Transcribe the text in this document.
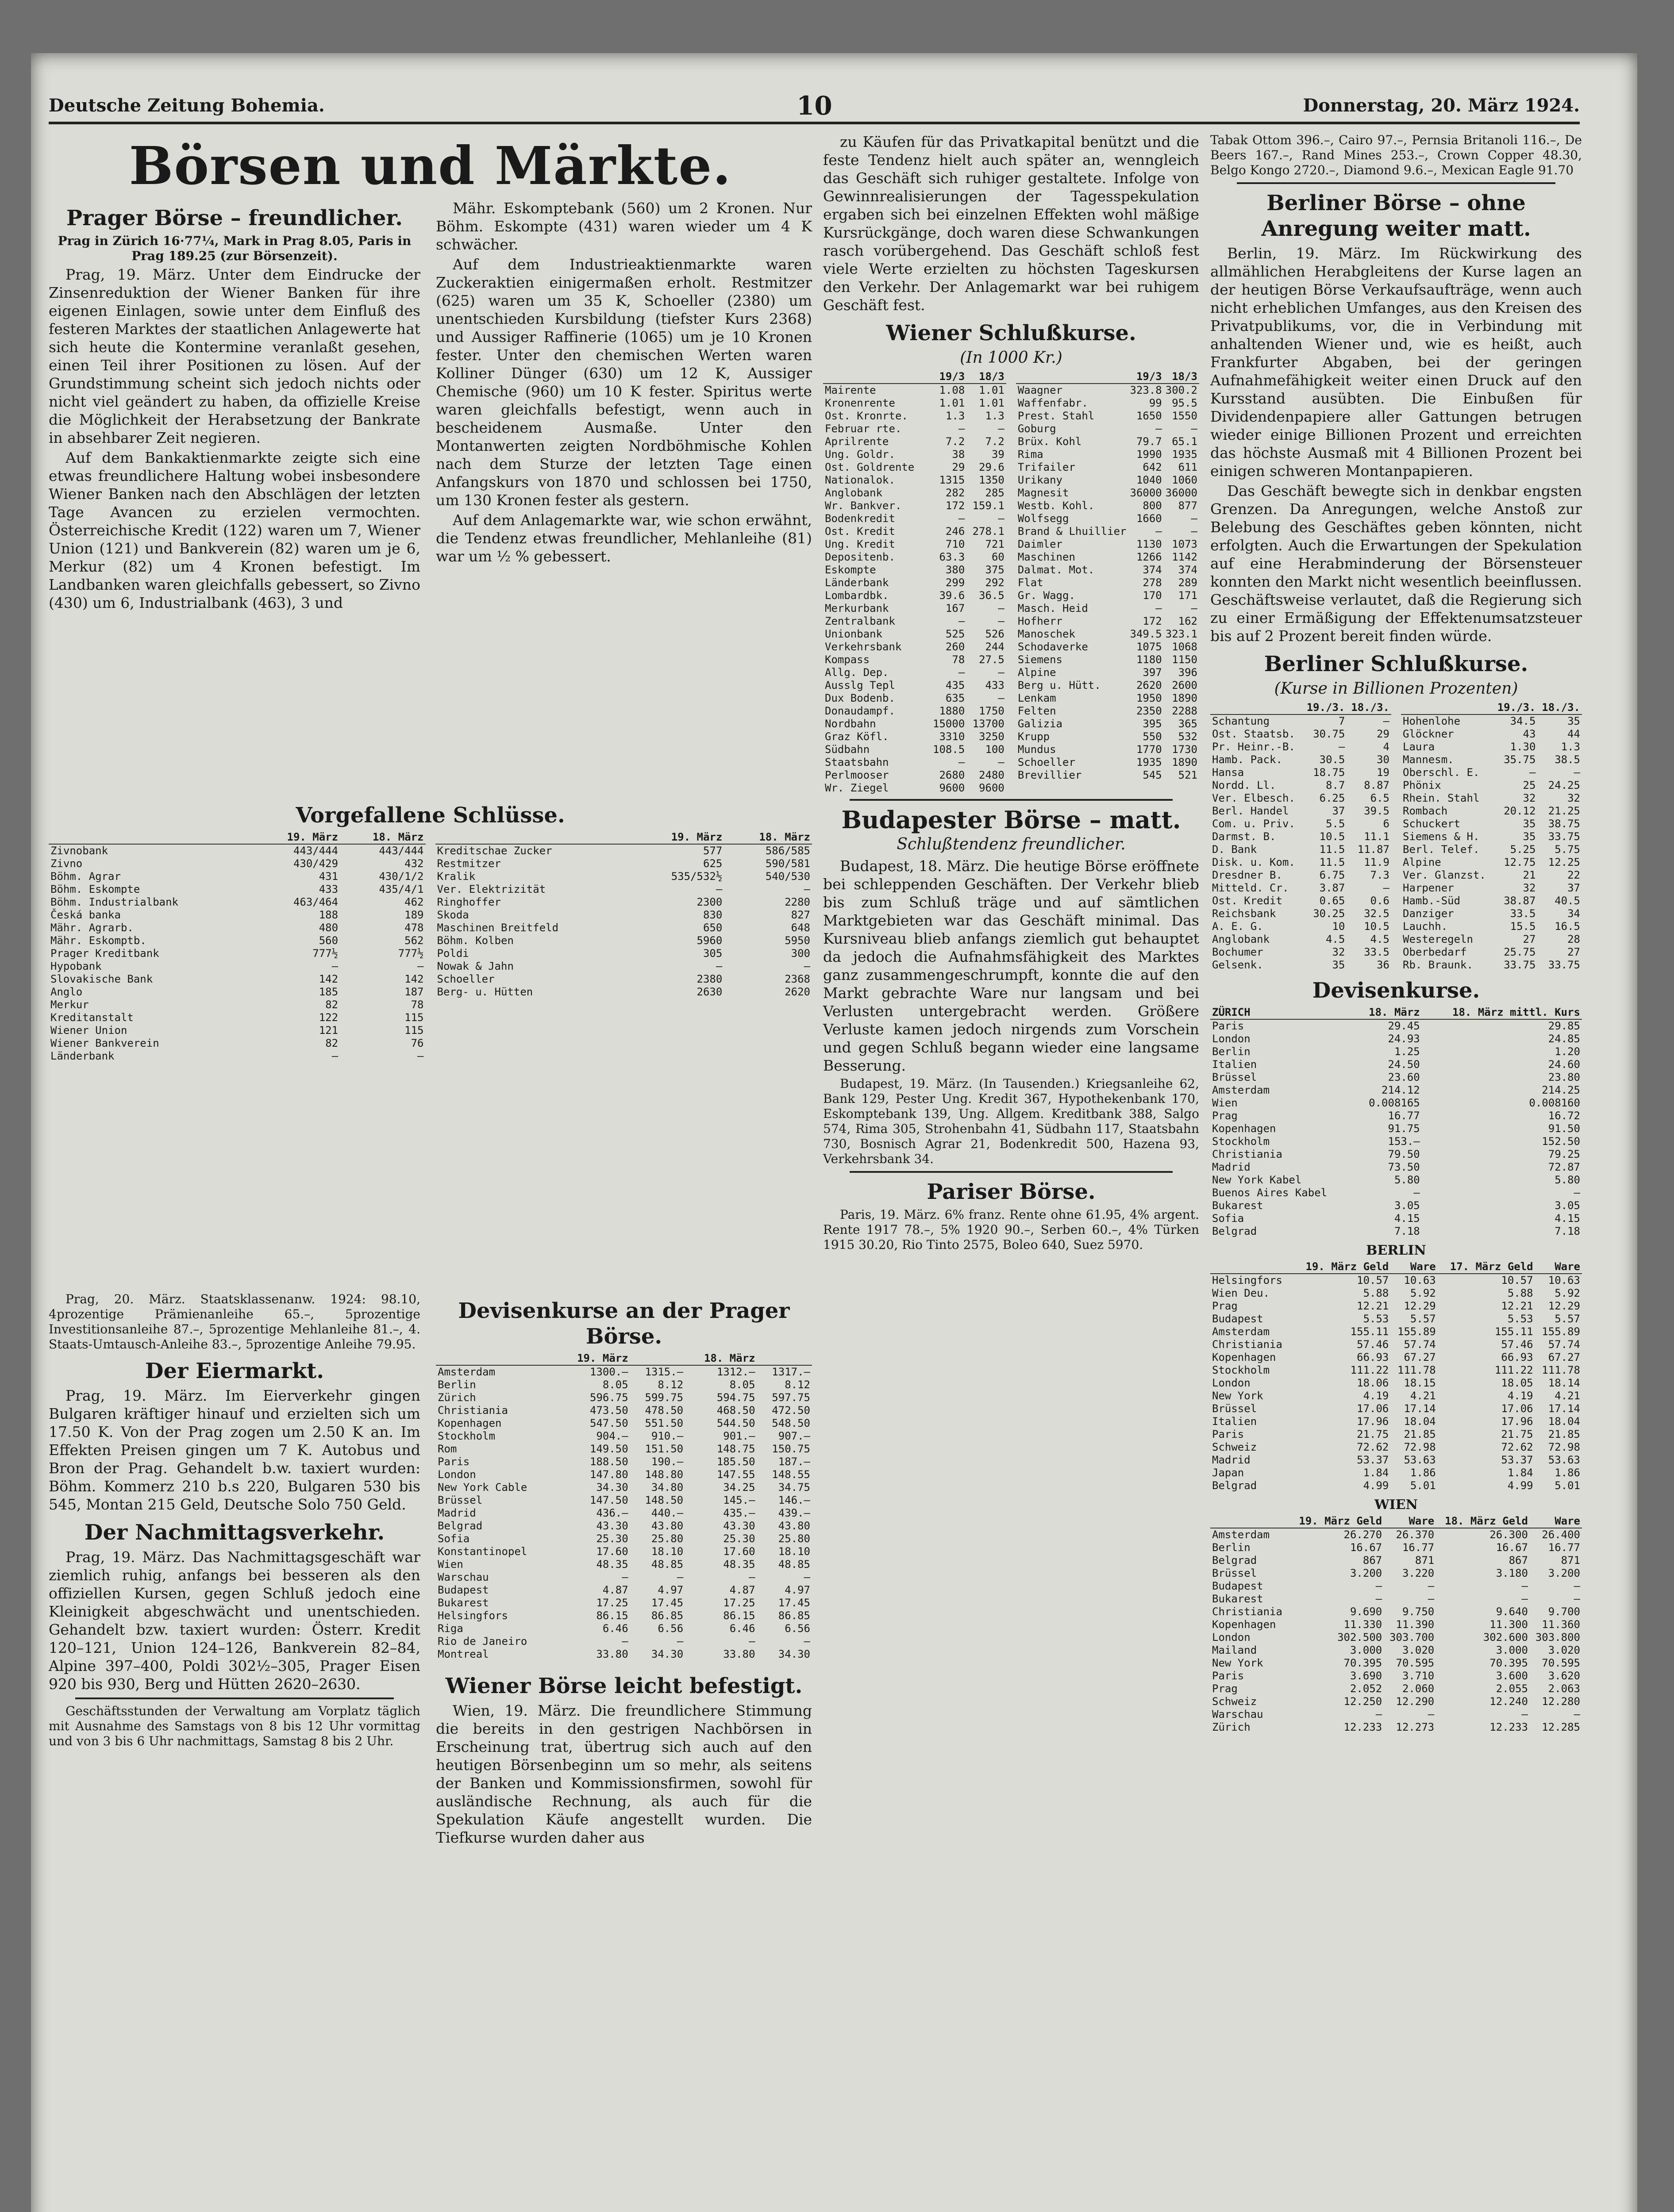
Deutsche Zeitung Bohemia.	10	Donnerstag, 20. März 1924.
Börsen und Märkte.
Prager Börse – freundlicher.

Prag in Zürich 16·77¼, Mark in Prag 8.05, Paris in Prag 189.25 (zur Börsenzeit).

Prag, 19. März. Unter dem Eindrucke der Zinsenreduktion der Wiener Banken für ihre eigenen Einlagen, sowie unter dem Einfluß des festeren Marktes der staatlichen Anlagewerte hat sich heute die Kontermine veranlaßt gesehen, einen Teil ihrer Positionen zu lösen. Auf der Grundstimmung scheint sich jedoch nichts oder nicht viel geändert zu haben, da offizielle Kreise die Möglichkeit der Herabsetzung der Bankrate in absehbarer Zeit negieren.

Auf dem Bankaktienmarkte zeigte sich eine etwas freundlichere Haltung wobei insbesondere Wiener Banken nach den Abschlägen der letzten Tage Avancen zu erzielen vermochten. Österreichische Kredit (122) waren um 7, Wiener Union (121) und Bankverein (82) waren um je 6, Merkur (82) um 4 Kronen befestigt. Im Landbanken waren gleichfalls gebessert, so Zivno (430) um 6, Industrialbank (463), 3 und

Mähr. Eskomptebank (560) um 2 Kronen. Nur Böhm. Eskompte (431) waren wieder um 4 K schwächer.

Auf dem Industrieaktienmarkte waren Zuckeraktien einigermaßen erholt. Restmitzer (625) waren um 35 K, Schoeller (2380) um unentschieden Kursbildung (tiefster Kurs 2368) und Aussiger Raffinerie (1065) um je 10 Kronen fester. Unter den chemischen Werten waren Kolliner Dünger (630) um 12 K, Aussiger Chemische (960) um 10 K fester. Spiritus werte waren gleichfalls befestigt, wenn auch in bescheidenem Ausmaße. Unter den Montanwerten zeigten Nordböhmische Kohlen nach dem Sturze der letzten Tage einen Anfangskurs von 1870 und schlossen bei 1750, um 130 Kronen fester als gestern.

Auf dem Anlagemarkte war, wie schon erwähnt, die Tendenz etwas freundlicher, Mehlanleihe (81) war um ½ % gebessert.

Vorgefallene Schlüsse.
	19. März	18. März
Zivnobank	443/444	443/444
Zivno	430/429	432
Böhm. Agrar	431	430/1/2
Böhm. Eskompte	433	435/4/1
Böhm. Industrialbank	463/464	462
Česká banka	188	189
Mähr. Agrarb.	480	478
Mähr. Eskomptb.	560	562
Prager Kreditbank	777½	777½
Hypobank	—	—
Slovakische Bank	142	142
Anglo	185	187
Merkur	82	78
Kreditanstalt	122	115
Wiener Union	121	115
Wiener Bankverein	82	76
Länderbank	—	—
	19. März	18. März
Kreditschae Zucker	577	586/585
Restmitzer	625	590/581
Kralik	535/532½	540/530
Ver. Elektrizität	—	—
Ringhoffer	2300	2280
Skoda	830	827
Maschinen Breitfeld	650	648
Böhm. Kolben	5960	5950
Poldi	305	300
Nowak & Jahn	—	—
Schoeller	2380	2368
Berg- u. Hütten	2630	2620

Prag, 20. März. Staatsklassenanw. 1924: 98.10, 4prozentige Prämienanleihe 65.–, 5prozentige Investitionsanleihe 87.–, 5prozentige Mehlanleihe 81.–, 4. Staats-Umtausch-Anleihe 83.–, 5prozentige Anleihe 79.95.

Der Eiermarkt.

Prag, 19. März. Im Eierverkehr gingen Bulgaren kräftiger hinauf und erzielten sich um 17.50 K. Von der Prag zogen um 2.50 K an. Im Effekten Preisen gingen um 7 K. Autobus und Bron der Prag. Gehandelt b.w. taxiert wurden: Böhm. Kommerz 210 b.s 220, Bulgaren 530 bis 545, Montan 215 Geld, Deutsche Solo 750 Geld.

Der Nachmittagsverkehr.

Prag, 19. März. Das Nachmittagsgeschäft war ziemlich ruhig, anfangs bei besseren als den offiziellen Kursen, gegen Schluß jedoch eine Kleinigkeit abgeschwächt und unentschieden. Gehandelt bzw. taxiert wurden: Österr. Kredit 120–121, Union 124–126, Bankverein 82–84, Alpine 397–400, Poldi 302½–305, Prager Eisen 920 bis 930, Berg und Hütten 2620–2630.

Geschäftsstunden der Verwaltung am Vorplatz täglich mit Ausnahme des Samstags von 8 bis 12 Uhr vormittag und von 3 bis 6 Uhr nachmittags, Samstag 8 bis 2 Uhr.

Devisenkurse an der Prager Börse.
	19. März		18. März	
Amsterdam	1300.–	1315.–	1312.–	1317.–
Berlin	8.05	8.12	8.05	8.12
Zürich	596.75	599.75	594.75	597.75
Christiania	473.50	478.50	468.50	472.50
Kopenhagen	547.50	551.50	544.50	548.50
Stockholm	904.–	910.–	901.–	907.–
Rom	149.50	151.50	148.75	150.75
Paris	188.50	190.–	185.50	187.–
London	147.80	148.80	147.55	148.55
New York Cable	34.30	34.80	34.25	34.75
Brüssel	147.50	148.50	145.–	146.–
Madrid	436.–	440.–	435.–	439.–
Belgrad	43.30	43.80	43.30	43.80
Sofia	25.30	25.80	25.30	25.80
Konstantinopel	17.60	18.10	17.60	18.10
Wien	48.35	48.85	48.35	48.85
Warschau	—	—	—	—
Budapest	4.87	4.97	4.87	4.97
Bukarest	17.25	17.45	17.25	17.45
Helsingfors	86.15	86.85	86.15	86.85
Riga	6.46	6.56	6.46	6.56
Rio de Janeiro	—	—	—	—
Montreal	33.80	34.30	33.80	34.30
Wiener Börse leicht befestigt.

Wien, 19. März. Die freundlichere Stimmung die bereits in den gestrigen Nachbörsen in Erscheinung trat, übertrug sich auch auf den heutigen Börsenbeginn um so mehr, als seitens der Banken und Kommissionsfirmen, sowohl für ausländische Rechnung, als auch für die Spekulation Käufe angestellt wurden. Die Tiefkurse wurden daher aus

zu Käufen für das Privatkapital benützt und die feste Tendenz hielt auch später an, wenngleich das Geschäft sich ruhiger gestaltete. Infolge von Gewinnrealisierungen der Tagesspekulation ergaben sich bei einzelnen Effekten wohl mäßige Kursrückgänge, doch waren diese Schwankungen rasch vorübergehend. Das Geschäft schloß fest viele Werte erzielten zu höchsten Tageskursen den Verkehr. Der Anlagemarkt war bei ruhigem Geschäft fest.

Wiener Schlußkurse.
(In 1000 Kr.)
	19/3	18/3
Mairente	1.08	1.01
Kronenrente	1.01	1.01
Ost. Kronrte.	1.3	1.3
Februar rte.	—	—
Aprilrente	7.2	7.2
Ung. Goldr.	38	39
Ost. Goldrente	29	29.6
Nationalok.	1315	1350
Anglobank	282	285
Wr. Bankver.	172	159.1
Bodenkredit	—	—
Ost. Kredit	246	278.1
Ung. Kredit	710	721
Depositenb.	63.3	60
Eskompte	380	375
Länderbank	299	292
Lombardbk.	39.6	36.5
Merkurbank	167	—
Zentralbank	—	—
Unionbank	525	526
Verkehrsbank	260	244
Kompass	78	27.5
Allg. Dep.	—	—
Ausslg Tepl	435	433
Dux Bodenb.	635	—
Donaudampf.	1880	1750
Nordbahn	15000	13700
Graz Köfl.	3310	3250
Südbahn	108.5	100
Staatsbahn	—	—
Perlmooser	2680	2480
Wr. Ziegel	9600	9600
	19/3	18/3
Waagner	323.8	300.2
Waffenfabr.	99	95.5
Prest. Stahl	1650	1550
Goburg	—	—
Brüx. Kohl	79.7	65.1
Rima	1990	1935
Trifailer	642	611
Urikany	1040	1060
Magnesit	36000	36000
Westb. Kohl.	800	877
Wolfsegg	1660	—
Brand & Lhuillier	—	—
Daimler	1130	1073
Maschinen	1266	1142
Dalmat. Mot.	374	374
Flat	278	289
Gr. Wagg.	170	171
Masch. Heid	—	—
Hofherr	172	162
Manoschek	349.5	323.1
Schodaverke	1075	1068
Siemens	1180	1150
Alpine	397	396
Berg u. Hütt.	2620	2600
Lenkam	1950	1890
Felten	2350	2288
Galizia	395	365
Krupp	550	532
Mundus	1770	1730
Schoeller	1935	1890
Brevillier	545	521
Budapester Börse – matt.
Schlußtendenz freundlicher.

Budapest, 18. März. Die heutige Börse eröffnete bei schleppenden Geschäften. Der Verkehr blieb bis zum Schluß träge und auf sämtlichen Marktgebieten war das Geschäft minimal. Das Kursniveau blieb anfangs ziemlich gut behauptet da jedoch die Aufnahmsfähigkeit des Marktes ganz zusammengeschrumpft, konnte die auf den Markt gebrachte Ware nur langsam und bei Verlusten untergebracht werden. Größere Verluste kamen jedoch nirgends zum Vorschein und gegen Schluß begann wieder eine langsame Besserung.

Budapest, 19. März. (In Tausenden.) Kriegsanleihe 62, Bank 129, Pester Ung. Kredit 367, Hypothekenbank 170, Eskomptebank 139, Ung. Allgem. Kreditbank 388, Salgo 574, Rima 305, Strohenbahn 41, Südbahn 117, Staatsbahn 730, Bosnisch Agrar 21, Bodenkredit 500, Hazena 93, Verkehrsbank 34.

Pariser Börse.

Paris, 19. März. 6% franz. Rente ohne 61.95, 4% argent. Rente 1917 78.–, 5% 1920 90.–, Serben 60.–, 4% Türken 1915 30.20, Rio Tinto 2575, Boleo 640, Suez 5970.

Tabak Ottom 396.–, Cairo 97.–, Pernsia Britanoli 116.–, De Beers 167.–, Rand Mines 253.–, Crown Copper 48.30, Belgo Kongo 2720.–, Diamond 9.6.–, Mexican Eagle 91.70

Berliner Börse – ohne Anregung weiter matt.

Berlin, 19. März. Im Rückwirkung des allmählichen Herabgleitens der Kurse lagen an der heutigen Börse Verkaufsaufträge, wenn auch nicht erheblichen Umfanges, aus den Kreisen des Privatpublikums, vor, die in Verbindung mit anhaltenden Wiener und, wie es heißt, auch Frankfurter Abgaben, bei der geringen Aufnahmefähigkeit weiter einen Druck auf den Kursstand ausübten. Die Einbußen für Dividendenpapiere aller Gattungen betrugen wieder einige Billionen Prozent und erreichten das höchste Ausmaß mit 4 Billionen Prozent bei einigen schweren Montanpapieren.

Das Geschäft bewegte sich in denkbar engsten Grenzen. Da Anregungen, welche Anstoß zur Belebung des Geschäftes geben könnten, nicht erfolgten. Auch die Erwartungen der Spekulation auf eine Herabminderung der Börsensteuer konnten den Markt nicht wesentlich beeinflussen. Geschäftsweise verlautet, daß die Regierung sich zu einer Ermäßigung der Effektenumsatzsteuer bis auf 2 Prozent bereit finden würde.

Berliner Schlußkurse.
(Kurse in Billionen Prozenten)
	19./3.	18./3.
Schantung	7	—
Ost. Staatsb.	30.75	29
Pr. Heinr.-B.	—	4
Hamb. Pack.	30.5	30
Hansa	18.75	19
Nordd. Ll.	8.7	8.87
Ver. Elbesch.	6.25	6.5
Berl. Handel	37	39.5
Com. u. Priv.	5.5	6
Darmst. B.	10.5	11.1
D. Bank	11.5	11.87
Disk. u. Kom.	11.5	11.9
Dresdner B.	6.75	7.3
Mitteld. Cr.	3.87	—
Ost. Kredit	0.65	0.6
Reichsbank	30.25	32.5
A. E. G.	10	10.5
Anglobank	4.5	4.5
Bochumer	32	33.5
Gelsenk.	35	36
	19./3.	18./3.
Hohenlohe	34.5	35
Glöckner	43	44
Laura	1.30	1.3
Mannesm.	35.75	38.5
Oberschl. E.	—	—
Phönix	25	24.25
Rhein. Stahl	32	32
Rombach	20.12	21.25
Schuckert	35	38.75
Siemens & H.	35	33.75
Berl. Telef.	5.25	5.75
Alpine	12.75	12.25
Ver. Glanzst.	21	22
Harpener	32	37
Hamb.-Süd	38.87	40.5
Danziger	33.5	34
Lauchh.	15.5	16.5
Westeregeln	27	28
Oberbedarf	25.75	27
Rb. Braunk.	33.75	33.75
Devisenkurse.
ZÜRICH	18. März	18. März mittl. Kurs
Paris	29.45	29.85
London	24.93	24.85
Berlin	1.25	1.20
Italien	24.50	24.60
Brüssel	23.60	23.80
Amsterdam	214.12	214.25
Wien	0.008165	0.008160
Prag	16.77	16.72
Kopenhagen	91.75	91.50
Stockholm	153.–	152.50
Christiania	79.50	79.25
Madrid	73.50	72.87
New York Kabel	5.80	5.80
Buenos Aires Kabel	—	—
Bukarest	3.05	3.05
Sofia	4.15	4.15
Belgrad	7.18	7.18
BERLIN
	19. März Geld	Ware	17. März Geld	Ware
Helsingfors	10.57	10.63	10.57	10.63
Wien Deu.	5.88	5.92	5.88	5.92
Prag	12.21	12.29	12.21	12.29
Budapest	5.53	5.57	5.53	5.57
Amsterdam	155.11	155.89	155.11	155.89
Christiania	57.46	57.74	57.46	57.74
Kopenhagen	66.93	67.27	66.93	67.27
Stockholm	111.22	111.78	111.22	111.78
London	18.06	18.15	18.05	18.14
New York	4.19	4.21	4.19	4.21
Brüssel	17.06	17.14	17.06	17.14
Italien	17.96	18.04	17.96	18.04
Paris	21.75	21.85	21.75	21.85
Schweiz	72.62	72.98	72.62	72.98
Madrid	53.37	53.63	53.37	53.63
Japan	1.84	1.86	1.84	1.86
Belgrad	4.99	5.01	4.99	5.01
WIEN
	19. März Geld	Ware	18. März Geld	Ware
Amsterdam	26.270	26.370	26.300	26.400
Berlin	16.67	16.77	16.67	16.77
Belgrad	867	871	867	871
Brüssel	3.200	3.220	3.180	3.200
Budapest	—	—	—	—
Bukarest	—	—	—	—
Christiania	9.690	9.750	9.640	9.700
Kopenhagen	11.330	11.390	11.300	11.360
London	302.500	303.700	302.600	303.800
Mailand	3.000	3.020	3.000	3.020
New York	70.395	70.595	70.395	70.595
Paris	3.690	3.710	3.600	3.620
Prag	2.052	2.060	2.055	2.063
Schweiz	12.250	12.290	12.240	12.280
Warschau	—	—	—	—
Zürich	12.233	12.273	12.233	12.285
